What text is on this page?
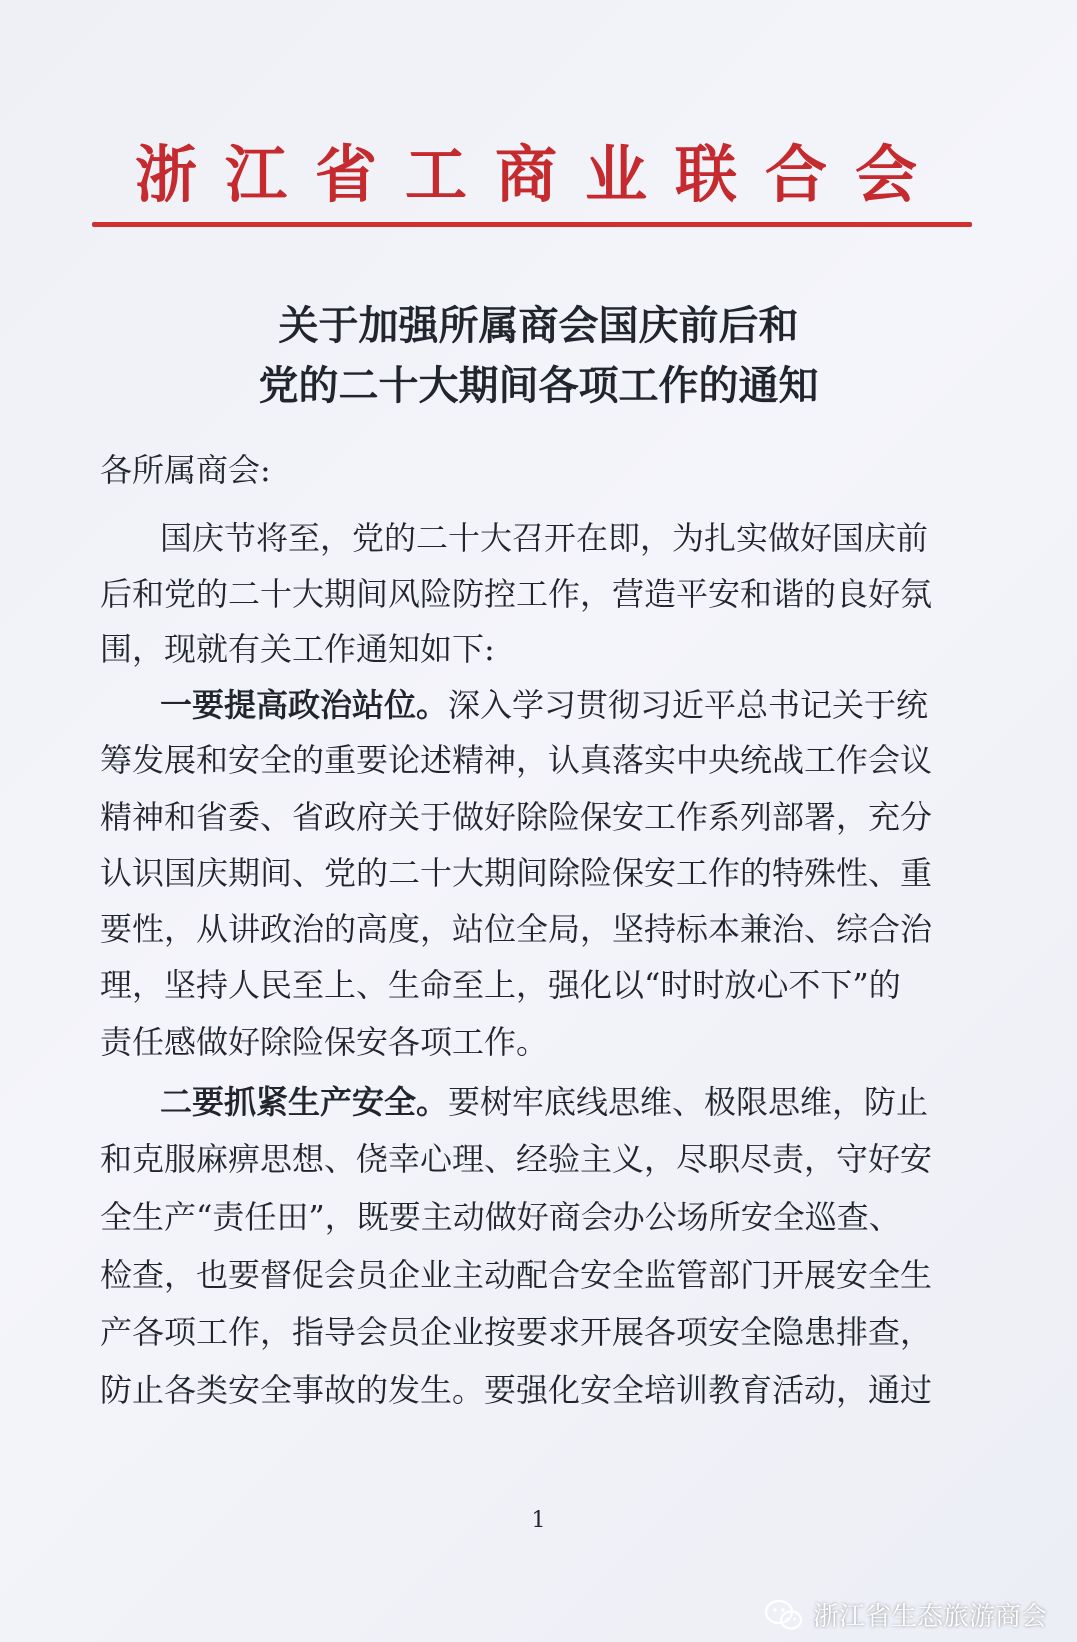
浙江省工商业联合会
关于加强所属商会国庆前后和
党的二十大期间各项工作的通知
各所属商会:
国庆节将至，党的二十大召开在即，为扎实做好国庆前
后和党的二十大期间风险防控工作，营造平安和谐的良好氛
围，现就有关工作通知如下:
一要提高政治站位。深入学习贯彻习近平总书记关于统
筹发展和安全的重要论述精神，认真落实中央统战工作会议
精神和省委、省政府关于做好除险保安工作系列部署，充分
认识国庆期间、党的二十大期间除险保安工作的特殊性、重
要性，从讲政治的高度，站位全局，坚持标本兼治、综合治
理，坚持人民至上、生命至上，强化以“时时放心不下”的
责任感做好除险保安各项工作。
二要抓紧生产安全。要树牢底线思维、极限思维，防止
和克服麻痹思想、侥幸心理、经验主义，尽职尽责，守好安
全生产“责任田”，既要主动做好商会办公场所安全巡查、
检查，也要督促会员企业主动配合安全监管部门开展安全生
产各项工作，指导会员企业按要求开展各项安全隐患排查，
防止各类安全事故的发生。要强化安全培训教育活动，通过
1
浙江省生态旅游商会
